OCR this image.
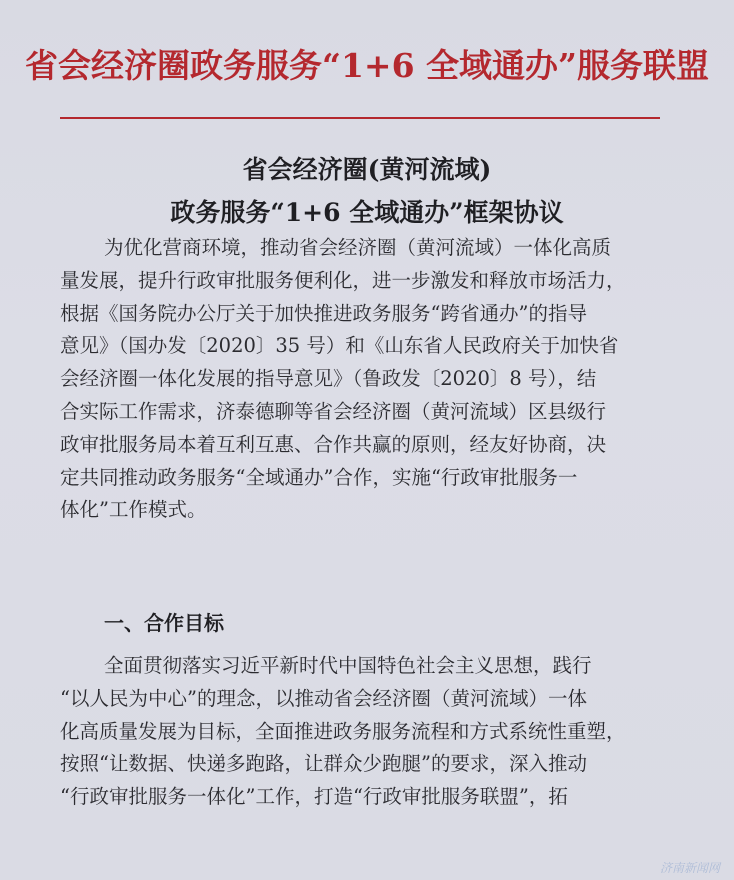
省会经济圈政务服务“1+6 全域通办”服务联盟
省会经济圈(黄河流域)
政务服务“1+6 全域通办”框架协议
为优化营商环境，推动省会经济圈（黄河流域）一体化高质
量发展，提升行政审批服务便利化，进一步激发和释放市场活力，
根据《国务院办公厅关于加快推进政务服务“跨省通办”的指导
意见》（国办发〔2020〕35 号）和《山东省人民政府关于加快省
会经济圈一体化发展的指导意见》（鲁政发〔2020〕8 号），结
合实际工作需求，济泰德聊等省会经济圈（黄河流域）区县级行
政审批服务局本着互利互惠、合作共赢的原则，经友好协商，决
定共同推动政务服务“全域通办”合作，实施“行政审批服务一
体化”工作模式。
一、合作目标
全面贯彻落实习近平新时代中国特色社会主义思想，践行
“以人民为中心”的理念，以推动省会经济圈（黄河流域）一体
化高质量发展为目标，全面推进政务服务流程和方式系统性重塑，
按照“让数据、快递多跑路，让群众少跑腿”的要求，深入推动
“行政审批服务一体化”工作，打造“行政审批服务联盟”，拓
济南新闻网
